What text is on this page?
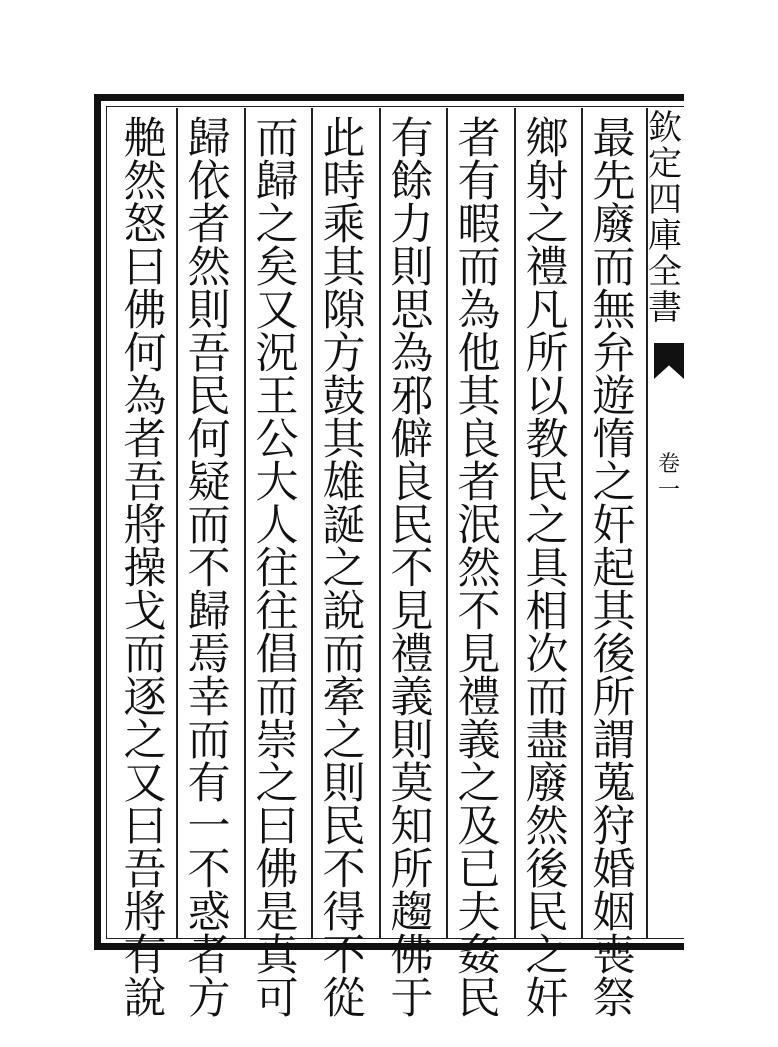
最
先
廢
而
無
弁
遊
惰
之
奸
起
其
後
所
謂
蒐
狩
婚
姻
喪
祭
鄉
射
之
禮
凡
所
以
教
民
之
具
相
次
而
盡
廢
然
後
民
之
奸
者
有
暇
而
為
他
其
良
者
泯
然
不
見
禮
義
之
及
已
夫
姦
民
有
餘
力
則
思
為
邪
僻
良
民
不
見
禮
義
則
莫
知
所
趨
佛
于
此
時
乘
其
隙
方
鼓
其
雄
誕
之
說
而
牽
之
則
民
不
得
不
從
而
歸
之
矣
又
況
王
公
大
人
往
往
倡
而
崇
之
曰
佛
是
真
可
歸
依
者
然
則
吾
民
何
疑
而
不
歸
焉
幸
而
有
一
不
惑
者
方
艴
然
怒
曰
佛
何
為
者
吾
將
操
戈
而
逐
之
又
曰
吾
將
有
說
欽
定
四
庫
全
書
卷
一
